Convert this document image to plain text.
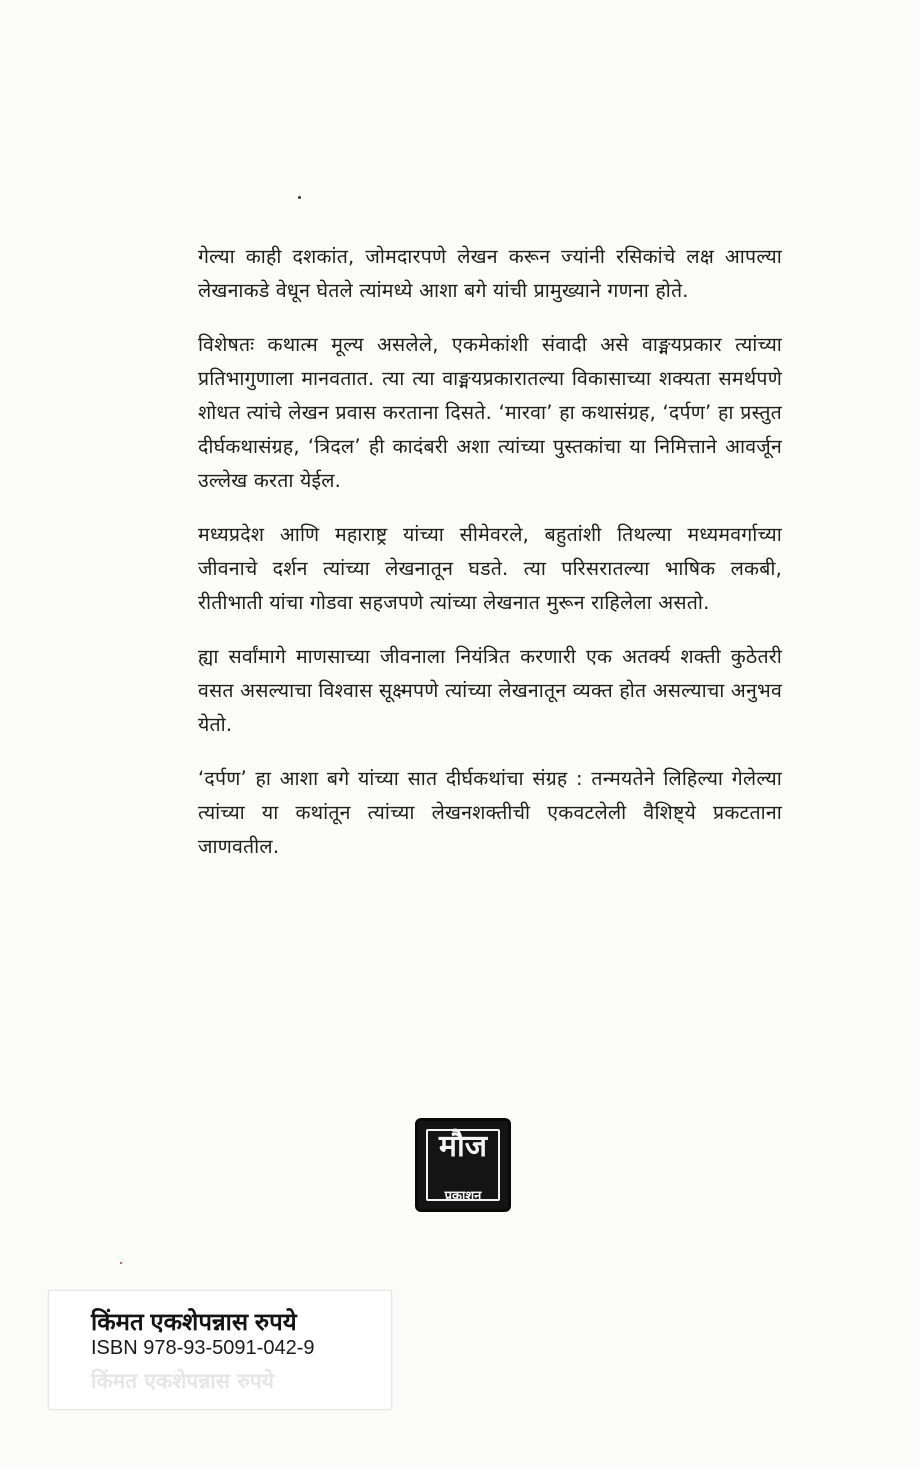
गेल्या काही दशकांत, जोमदारपणे लेखन करून ज्यांनी रसिकांचे लक्ष आपल्या लेखनाकडे वेधून घेतले त्यांमध्ये आशा बगे यांची प्रामुख्याने गणना होते.

विशेषतः कथात्म मूल्य असलेले, एकमेकांशी संवादी असे वाङ्मयप्रकार त्यांच्या प्रतिभागुणाला मानवतात. त्या त्या वाङ्मयप्रकारातल्या विकासाच्या शक्यता समर्थपणे शोधत त्यांचे लेखन प्रवास करताना दिसते. ‘मारवा’ हा कथासंग्रह, ‘दर्पण’ हा प्रस्तुत दीर्घकथासंग्रह, ‘त्रिदल’ ही कादंबरी अशा त्यांच्या पुस्तकांचा या निमित्ताने आवर्जून उल्लेख करता येईल.

मध्यप्रदेश आणि महाराष्ट्र यांच्या सीमेवरले, बहुतांशी तिथल्या मध्यमवर्गाच्या जीवनाचे दर्शन त्यांच्या लेखनातून घडते. त्या परिसरातल्या भाषिक लकबी, रीतीभाती यांचा गोडवा सहजपणे त्यांच्या लेखनात मुरून राहिलेला असतो.

ह्या सर्वांमागे माणसाच्या जीवनाला नियंत्रित करणारी एक अतर्क्य शक्ती कुठेतरी वसत असल्याचा विश्वास सूक्ष्मपणे त्यांच्या लेखनातून व्यक्त होत असल्याचा अनुभव येतो.

‘दर्पण’ हा आशा बगे यांच्या सात दीर्घकथांचा संग्रह : तन्मयतेने लिहिल्या गेलेल्या त्यांच्या या कथांतून त्यांच्या लेखनशक्तीची एकवटलेली वैशिष्ट्ये प्रकटताना जाणवतील.

मौज
प्रकाशन
किंमत एकशेपन्नास रुपये
किंमत एकशेपन्नास रुपये
ISBN 978-93-5091-042-9
